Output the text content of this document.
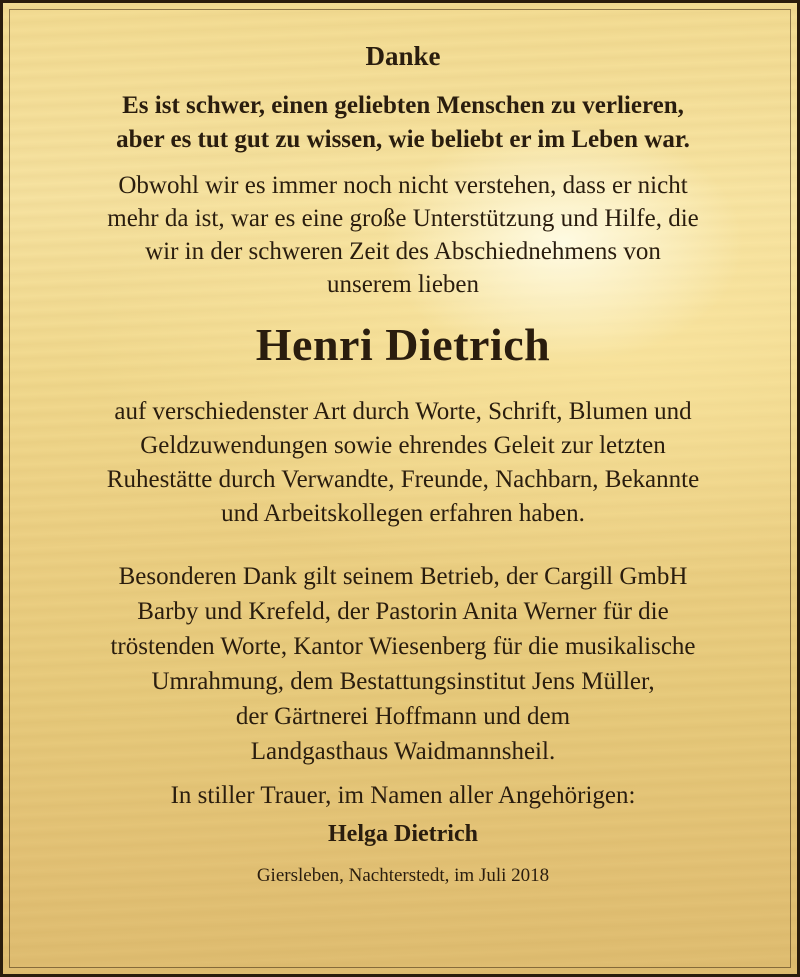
Danke
Es ist schwer, einen geliebten Menschen zu verlieren,
aber es tut gut zu wissen, wie beliebt er im Leben war.
Obwohl wir es immer noch nicht verstehen, dass er nicht
mehr da ist, war es eine große Unterstützung und Hilfe, die
wir in der schweren Zeit des Abschiednehmens von
unserem lieben
Henri Dietrich
auf verschiedenster Art durch Worte, Schrift, Blumen und
Geldzuwendungen sowie ehrendes Geleit zur letzten
Ruhestätte durch Verwandte, Freunde, Nachbarn, Bekannte
und Arbeitskollegen erfahren haben.
Besonderen Dank gilt seinem Betrieb, der Cargill GmbH
Barby und Krefeld, der Pastorin Anita Werner für die
tröstenden Worte, Kantor Wiesenberg für die musikalische
Umrahmung, dem Bestattungsinstitut Jens Müller,
der Gärtnerei Hoffmann und dem
Landgasthaus Waidmannsheil.
In stiller Trauer, im Namen aller Angehörigen:
Helga Dietrich
Giersleben, Nachterstedt, im Juli 2018
